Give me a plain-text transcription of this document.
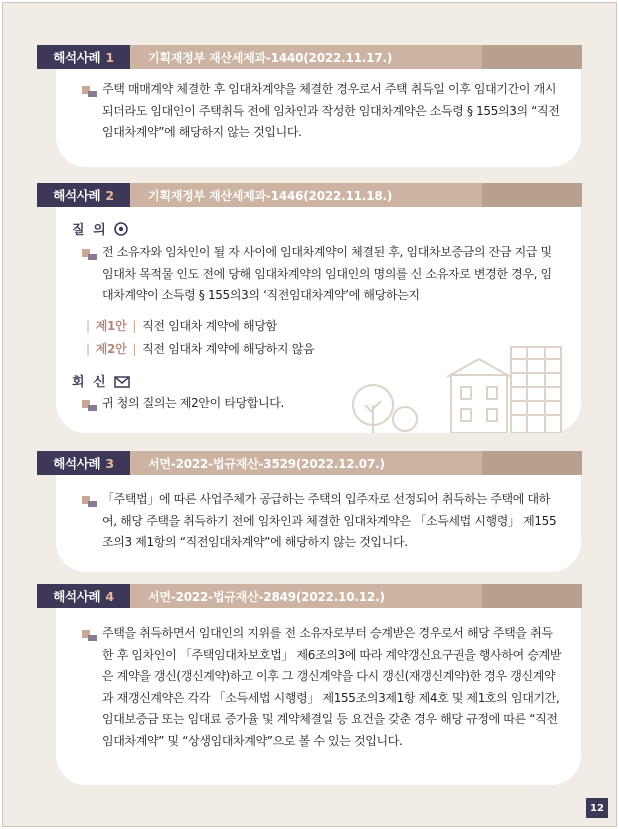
주택 매매계약 체결한 후 임대차계약을 체결한 경우로서 주택 취득일 이후 임대기간이 개시되더라도 임대인이 주택취득 전에 임차인과 작성한 임대차계약은 소득령 § 155의3의 “직전임대차계약”에 해당하지 않는 것입니다.

해석사례 1	기획재정부 재산세제과-1440(2022.11.17.)
질 의

전 소유자와 임차인이 될 자 사이에 임대차계약이 체결된 후, 임대차보증금의 잔금 지급 및 임대차 목적물 인도 전에 당해 임대차계약의 임대인의 명의를 신 소유자로 변경한 경우, 임대차계약이 소득령 § 155의3의 ‘직전임대차계약’에 해당하는지

| 제1안 | 직전 임대차 계약에 해당함
| 제2안 | 직전 임대차 계약에 해당하지 않음
회 신

귀 청의 질의는 제2안이 타당합니다.

해석사례 2	기획재정부 재산세제과-1446(2022.11.18.)

「주택법」에 따른 사업주체가 공급하는 주택의 입주자로 선정되어 취득하는 주택에 대하여, 해당 주택을 취득하기 전에 임차인과 체결한 임대차계약은 「소득세법 시행령」 제155조의3 제1항의 “직전임대차계약”에 해당하지 않는 것입니다.

해석사례 3	서면-2022-법규재산-3529(2022.12.07.)

주택을 취득하면서 임대인의 지위를 전 소유자로부터 승계받은 경우로서 해당 주택을 취득한 후 임차인이 「주택임대차보호법」 제6조의3에 따라 계약갱신요구권을 행사하여 승계받은 계약을 갱신(갱신계약)하고 이후 그 갱신계약을 다시 갱신(재갱신계약)한 경우 갱신계약과 재갱신계약은 각각 「소득세법 시행령」 제155조의3제1항 제4호 및 제1호의 임대기간, 임대보증금 또는 임대료 증가율 및 계약체결일 등 요건을 갖춘 경우 해당 규정에 따른 “직전임대차계약” 및 “상생임대차계약”으로 볼 수 있는 것입니다.

해석사례 4	서면-2022-법규재산-2849(2022.10.12.)
12
